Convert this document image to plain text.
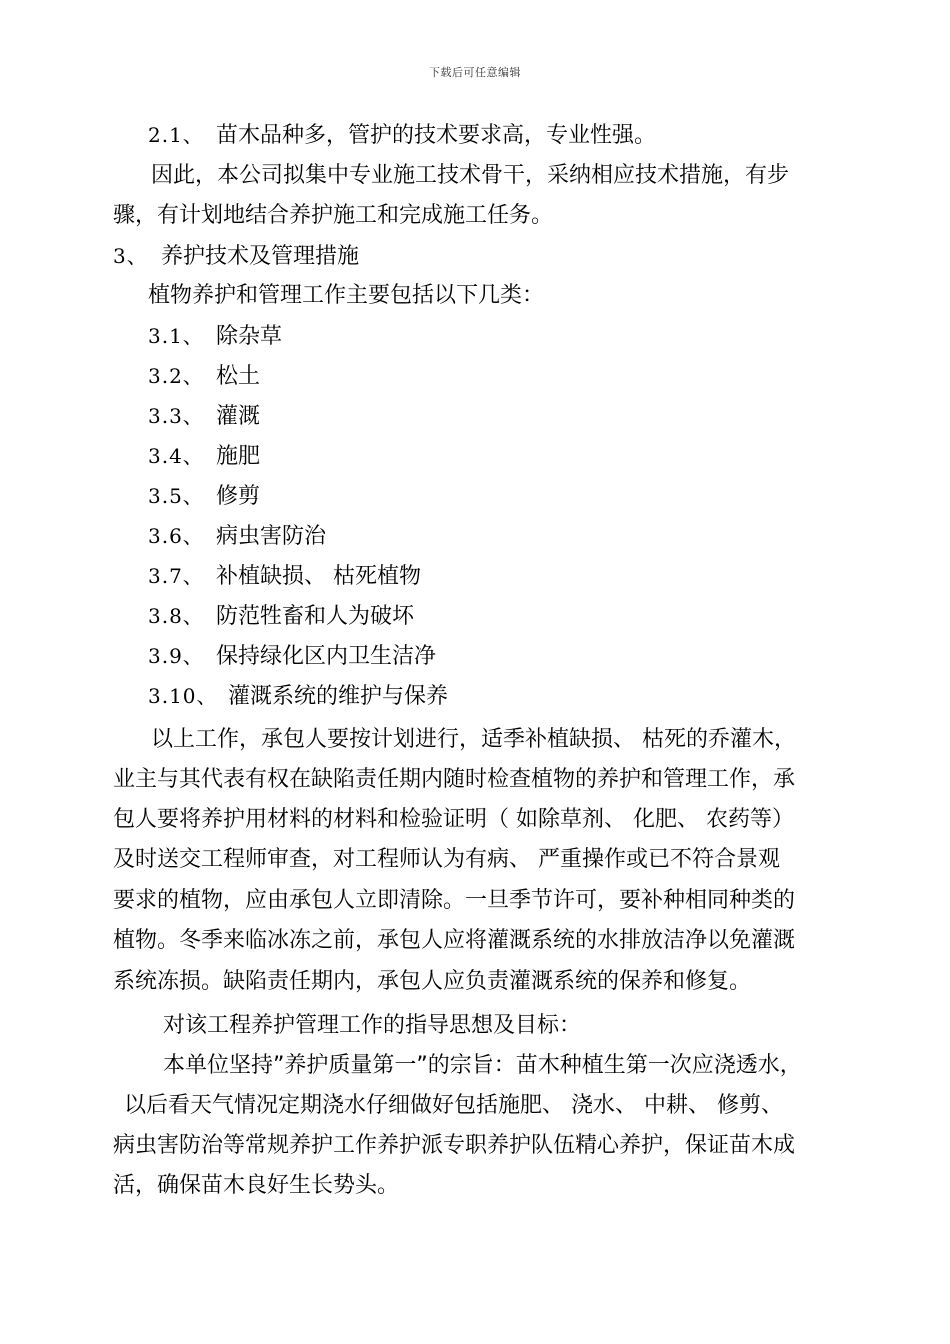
下载后可任意编辑
2.1、 苗木品种多，管护的技术要求高，专业性强。
因此，本公司拟集中专业施工技术骨干，采纳相应技术措施，有步
骤，有计划地结合养护施工和完成施工任务。
3、 养护技术及管理措施
植物养护和管理工作主要包括以下几类：
3.1、 除杂草
3.2、 松土
3.3、 灌溉
3.4、 施肥
3.5、 修剪
3.6、 病虫害防治
3.7、 补植缺损、 枯死植物
3.8、 防范牲畜和人为破坏
3.9、 保持绿化区内卫生洁净
3.10、 灌溉系统的维护与保养
以上工作，承包人要按计划进行，适季补植缺损、 枯死的乔灌木，
业主与其代表有权在缺陷责任期内随时检查植物的养护和管理工作，承
包人要将养护用材料的材料和检验证明（ 如除草剂、 化肥、 农药等）
及时送交工程师审查，对工程师认为有病、 严重操作或已不符合景观
要求的植物，应由承包人立即清除。一旦季节许可，要补种相同种类的
植物。冬季来临冰冻之前，承包人应将灌溉系统的水排放洁净以免灌溉
系统冻损。缺陷责任期内，承包人应负责灌溉系统的保养和修复。
对该工程养护管理工作的指导思想及目标：
本单位坚持”养护质量第一”的宗旨：苗木种植生第一次应浇透水，
以后看天气情况定期浇水仔细做好包括施肥、 浇水、 中耕、 修剪、
病虫害防治等常规养护工作养护派专职养护队伍精心养护，保证苗木成
活，确保苗木良好生长势头。
